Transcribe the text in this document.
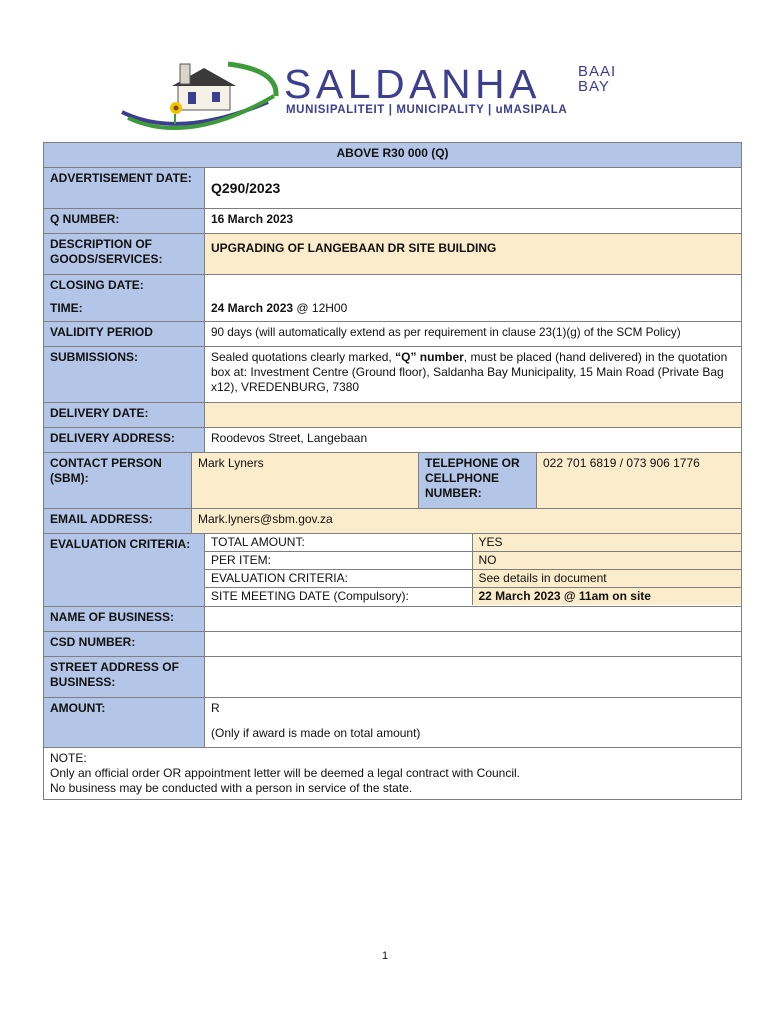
SALDANHA BAAI
BAY
MUNISIPALITEIT | MUNICIPALITY | uMASIPALA
ABOVE R30 000 (Q)
ADVERTISEMENT DATE:	Q290/2023
Q NUMBER:	16 March 2023
DESCRIPTION OF GOODS/SERVICES:	UPGRADING OF LANGEBAAN DR SITE BUILDING
CLOSING DATE:	
TIME:	24 March 2023 @ 12H00
VALIDITY PERIOD	90 days (will automatically extend as per requirement in clause 23(1)(g) of the SCM Policy)
SUBMISSIONS:	Sealed quotations clearly marked, “Q” number, must be placed (hand delivered) in the quotation box at: Investment Centre (Ground floor), Saldanha Bay Municipality, 15 Main Road (Private Bag x12), VREDENBURG, 7380
DELIVERY DATE:	
DELIVERY ADDRESS:	Roodevos Street, Langebaan
CONTACT PERSON (SBM):	Mark Lyners	TELEPHONE OR CELLPHONE NUMBER:	022 701 6819 / 073 906 1776
EMAIL ADDRESS:	Mark.lyners@sbm.gov.za
EVALUATION CRITERIA:	TOTAL AMOUNT:	YES
PER ITEM:	NO
EVALUATION CRITERIA:	See details in document
SITE MEETING DATE (Compulsory):	22 March 2023 @ 11am on site

NAME OF BUSINESS:	
CSD NUMBER:	
STREET ADDRESS OF BUSINESS:	
AMOUNT:	R
(Only if award is made on total amount)

NOTE:
Only an official order OR appointment letter will be deemed a legal contract with Council.
No business may be conducted with a person in service of the state.
1
